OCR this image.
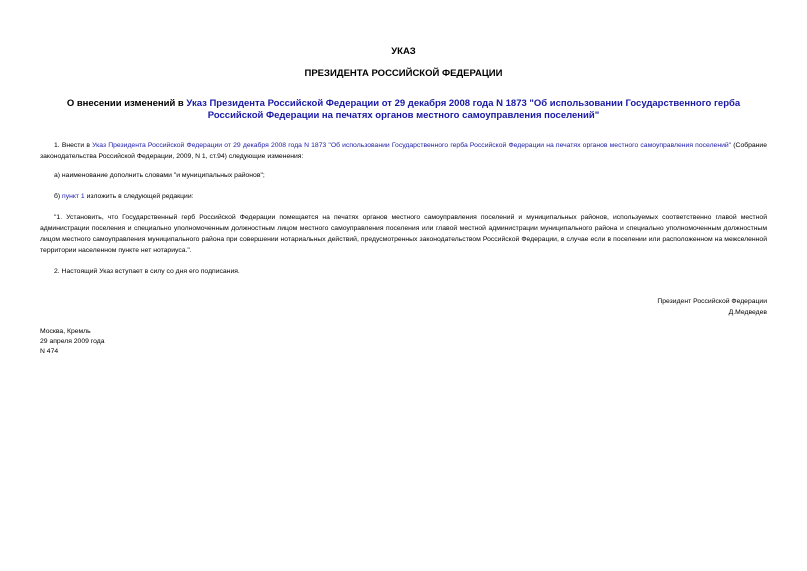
УКАЗ
ПРЕЗИДЕНТА РОССИЙСКОЙ ФЕДЕРАЦИИ

О внесении изменений в Указ Президента Российской Федерации от 29 декабря 2008 года N 1873 "Об использовании Государственного герба Российской Федерации на печатях органов местного самоуправления поселений"

1. Внести в Указ Президента Российской Федерации от 29 декабря 2008 года N 1873 "Об использовании Государственного герба Российской Федерации на печатях органов местного самоуправления поселений" (Собрание законодательства Российской Федерации, 2009, N 1, ст.94) следующие изменения:

а) наименование дополнить словами "и муниципальных районов";

б) пункт 1 изложить в следующей редакции:

"1. Установить, что Государственный герб Российской Федерации помещается на печатях органов местного самоуправления поселений и муниципальных районов, используемых соответственно главой местной администрации поселения и специально уполномоченным должностным лицом местного самоуправления поселения или главой местной администрации муниципального района и специально уполномоченным должностным лицом местного самоуправления муниципального района при совершении нотариальных действий, предусмотренных законодательством Российской Федерации, в случае если в поселении или расположенном на межселенной территории населенном пункте нет нотариуса.".

2. Настоящий Указ вступает в силу со дня его подписания.

Президент Российской Федерации
Д.Медведев
Москва, Кремль
29 апреля 2009 года
N 474
